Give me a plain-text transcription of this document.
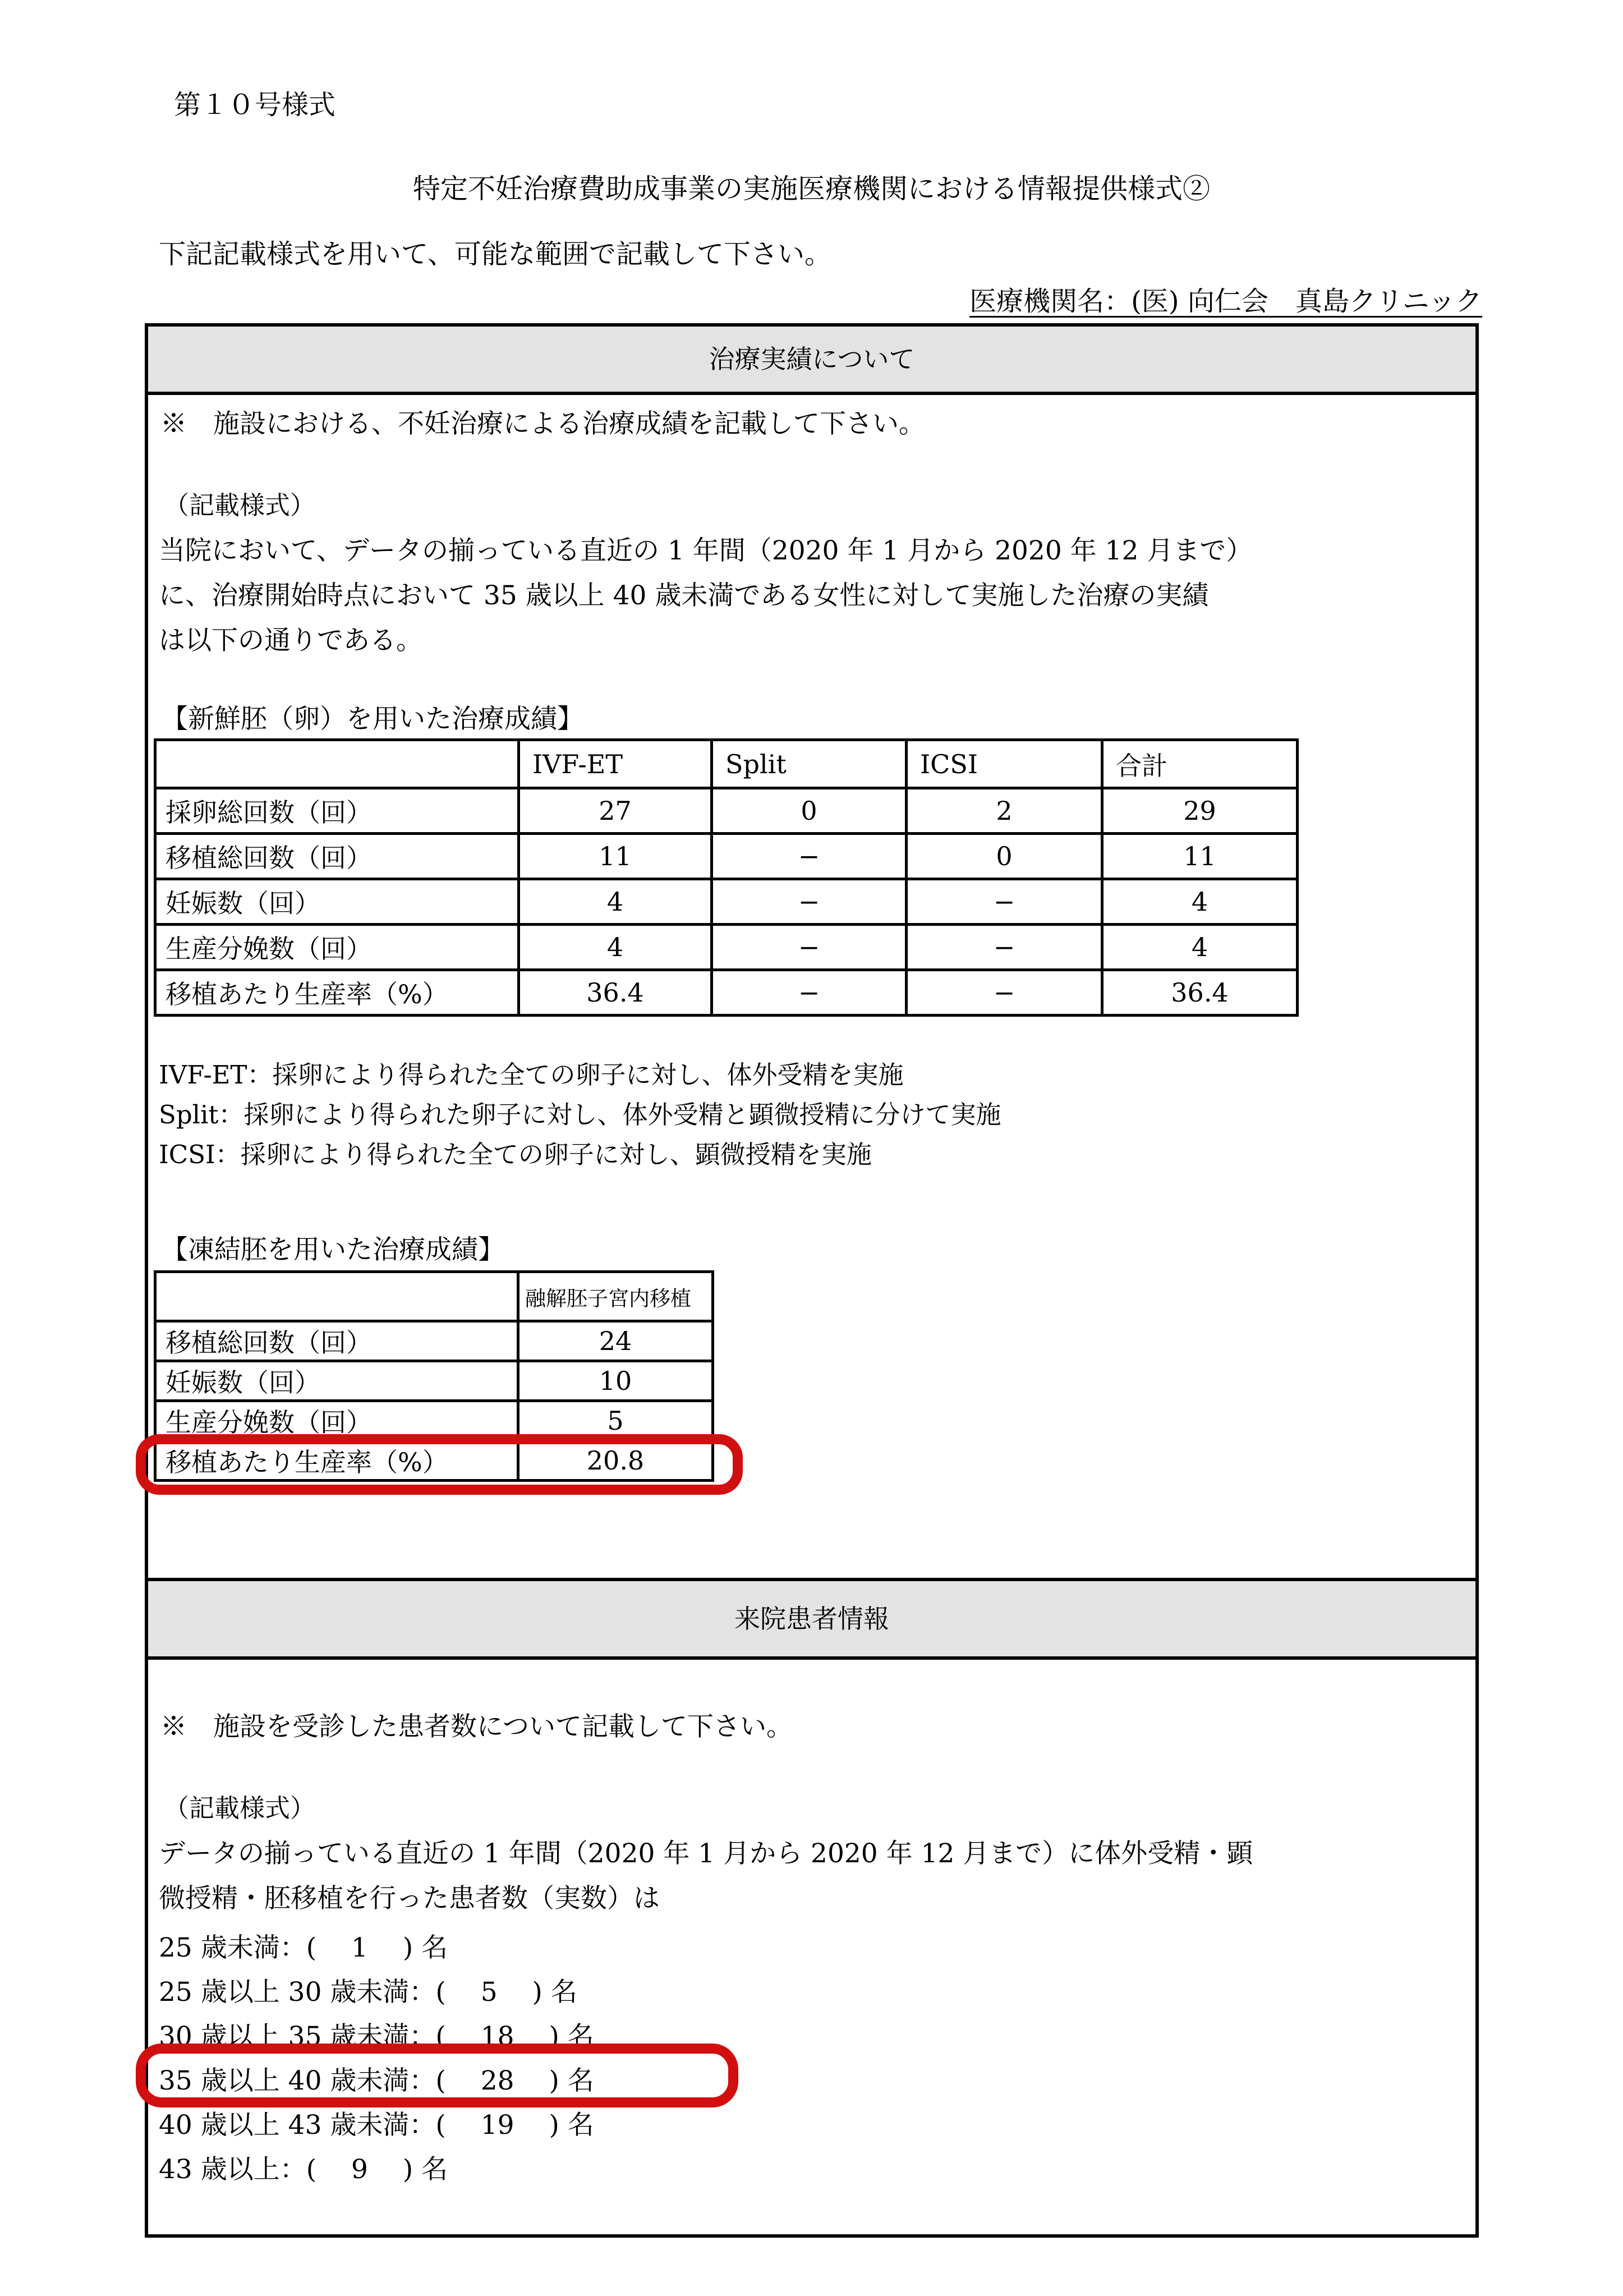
第１０号様式
特定不妊治療費助成事業の実施医療機関における情報提供様式②
下記記載様式を用いて、可能な範囲で記載して下さい。
医療機関名：(医) 向仁会　真島クリニック
治療実績について
※　施設における、不妊治療による治療成績を記載して下さい。
（記載様式）
当院において、データの揃っている直近の 1 年間（2020 年 1 月から 2020 年 12 月まで）
に、治療開始時点において 35 歳以上 40 歳未満である女性に対して実施した治療の実績
は以下の通りである。
【新鮮胚（卵）を用いた治療成績】
	IVF-ET	Split	ICSI	合計
採卵総回数（回）	27	0	2	29
移植総回数（回）	11	−	0	11
妊娠数（回）	4	−	−	4
生産分娩数（回）	4	−	−	4
移植あたり生産率（%）	36.4	−	−	36.4
IVF-ET：採卵により得られた全ての卵子に対し、体外受精を実施
Split：採卵により得られた卵子に対し、体外受精と顕微授精に分けて実施
ICSI：採卵により得られた全ての卵子に対し、顕微授精を実施
【凍結胚を用いた治療成績】
	融解胚子宮内移植
移植総回数（回）	24
妊娠数（回）	10
生産分娩数（回）	5
移植あたり生産率（%）	20.8
来院患者情報
※　施設を受診した患者数について記載して下さい。
（記載様式）
データの揃っている直近の 1 年間（2020 年 1 月から 2020 年 12 月まで）に体外受精・顕
微授精・胚移植を行った患者数（実数）は
25 歳未満：(　 1 　) 名
25 歳以上 30 歳未満：(　 5 　) 名
30 歳以上 35 歳未満：(　 18 　) 名
35 歳以上 40 歳未満：(　 28 　) 名
40 歳以上 43 歳未満：(　 19 　) 名
43 歳以上：(　 9 　) 名
